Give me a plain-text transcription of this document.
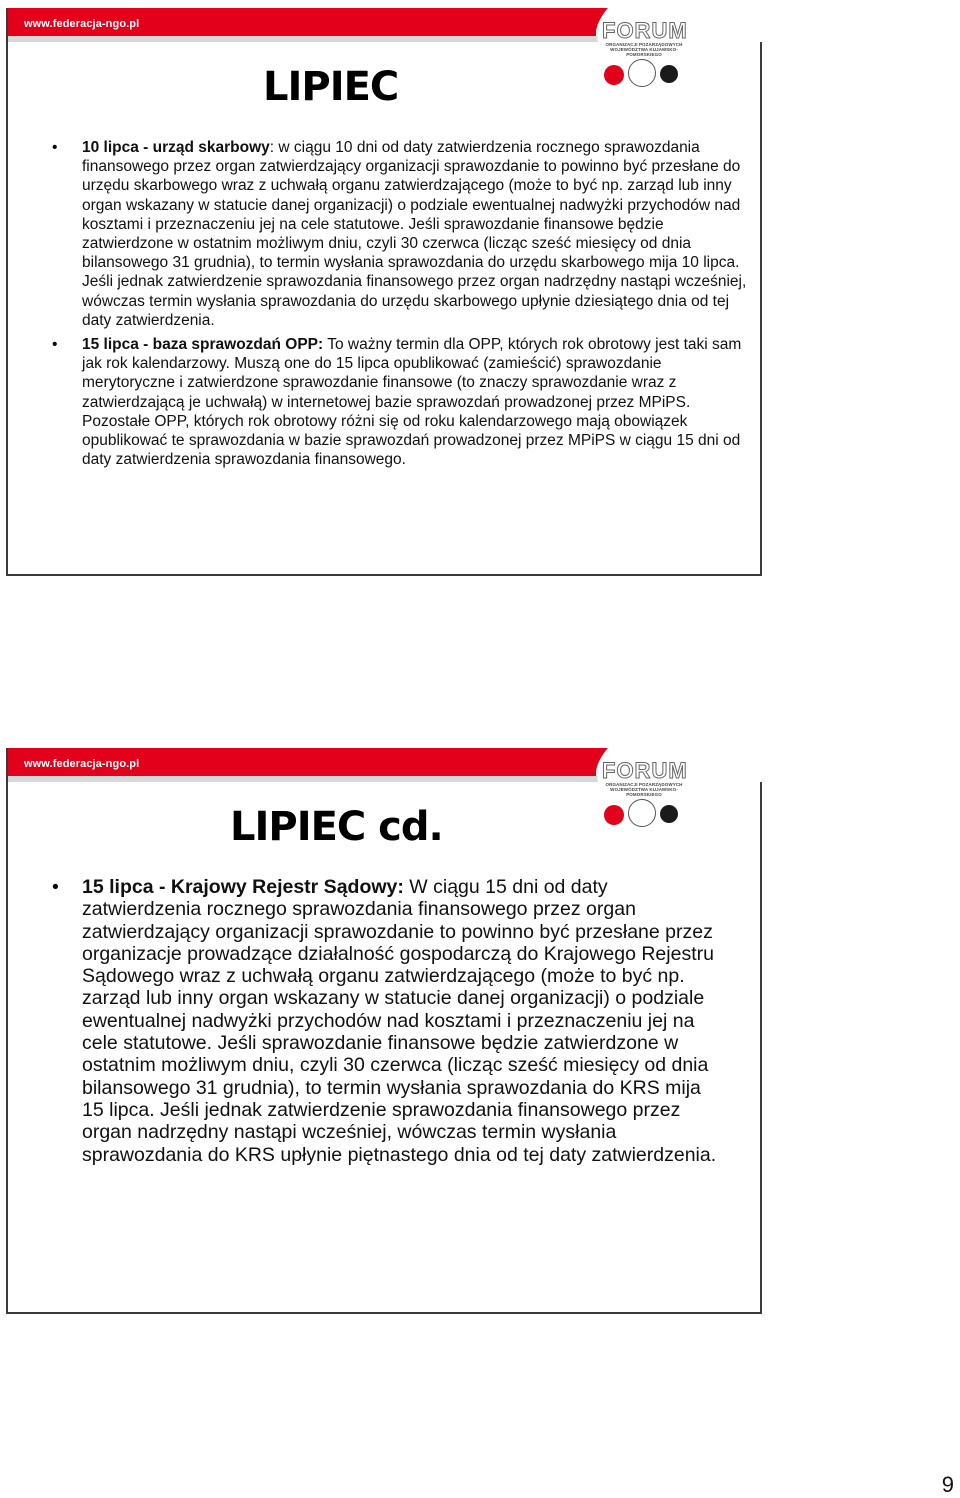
www.federacja-ngo.pl	FORUM
ORGANIZACJI POZARZĄDOWYCH WOJEWÓDZTWA KUJAWSKO-POMORSKIEGO
LIPIEC
• 10 lipca - urząd skarbowy: w ciągu 10 dni od daty zatwierdzenia rocznego sprawozdania finansowego przez organ zatwierdzający organizacji sprawozdanie to powinno być przesłane do urzędu skarbowego wraz z uchwałą organu zatwierdzającego (może to być np. zarząd lub inny organ wskazany w statucie danej organizacji) o podziale ewentualnej nadwyżki przychodów nad kosztami i przeznaczeniu jej na cele statutowe. Jeśli sprawozdanie finansowe będzie zatwierdzone w ostatnim możliwym dniu, czyli 30 czerwca (licząc sześć miesięcy od dnia bilansowego 31 grudnia), to termin wysłania sprawozdania do urzędu skarbowego mija 10 lipca. Jeśli jednak zatwierdzenie sprawozdania finansowego przez organ nadrzędny nastąpi wcześniej, wówczas termin wysłania sprawozdania do urzędu skarbowego upłynie dziesiątego dnia od tej daty zatwierdzenia.
• 15 lipca - baza sprawozdań OPP: To ważny termin dla OPP, których rok obrotowy jest taki sam jak rok kalendarzowy. Muszą one do 15 lipca opublikować (zamieścić) sprawozdanie merytoryczne i zatwierdzone sprawozdanie finansowe (to znaczy sprawozdanie wraz z zatwierdzającą je uchwałą) w internetowej bazie sprawozdań prowadzonej przez MPiPS. Pozostałe OPP, których rok obrotowy różni się od roku kalendarzowego mają obowiązek opublikować te sprawozdania w bazie sprawozdań prowadzonej przez MPiPS w ciągu 15 dni od daty zatwierdzenia sprawozdania finansowego.
www.federacja-ngo.pl	FORUM
ORGANIZACJI POZARZĄDOWYCH WOJEWÓDZTWA KUJAWSKO-POMORSKIEGO
LIPIEC cd.
• 15 lipca - Krajowy Rejestr Sądowy: W ciągu 15 dni od daty zatwierdzenia rocznego sprawozdania finansowego przez organ zatwierdzający organizacji sprawozdanie to powinno być przesłane przez organizacje prowadzące działalność gospodarczą do Krajowego Rejestru Sądowego wraz z uchwałą organu zatwierdzającego (może to być np. zarząd lub inny organ wskazany w statucie danej organizacji) o podziale ewentualnej nadwyżki przychodów nad kosztami i przeznaczeniu jej na cele statutowe. Jeśli sprawozdanie finansowe będzie zatwierdzone w ostatnim możliwym dniu, czyli 30 czerwca (licząc sześć miesięcy od dnia bilansowego 31 grudnia), to termin wysłania sprawozdania do KRS mija 15 lipca. Jeśli jednak zatwierdzenie sprawozdania finansowego przez organ nadrzędny nastąpi wcześniej, wówczas termin wysłania sprawozdania do KRS upłynie piętnastego dnia od tej daty zatwierdzenia.
9
